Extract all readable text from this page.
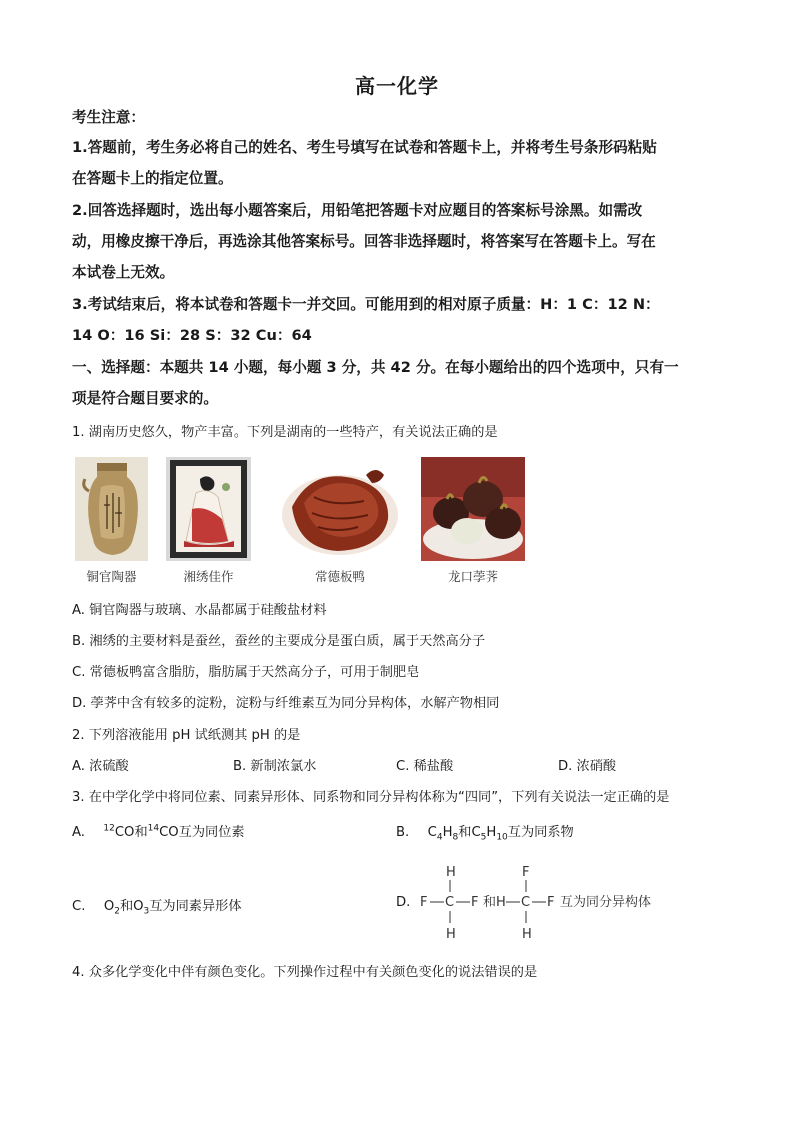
高一化学
考生注意：
1.答题前，考生务必将自己的姓名、考生号填写在试卷和答题卡上，并将考生号条形码粘贴
在答题卡上的指定位置。
2.回答选择题时，选出每小题答案后，用铅笔把答题卡对应题目的答案标号涂黑。如需改
动，用橡皮擦干净后，再选涂其他答案标号。回答非选择题时，将答案写在答题卡上。写在
本试卷上无效。
3.考试结束后，将本试卷和答题卡一并交回。可能用到的相对原子质量：H：1 C：12 N：
14 O：16 Si：28 S：32 Cu：64
一、选择题：本题共 14 小题，每小题 3 分，共 42 分。在每小题给出的四个选项中，只有一
项是符合题目要求的。
1. 湖南历史悠久，物产丰富。下列是湖南的一些特产，有关说法正确的是
铜官陶器	湘绣佳作	常德板鸭	龙口荸荠
A. 铜官陶器与玻璃、水晶都属于硅酸盐材料
B. 湘绣的主要材料是蚕丝，蚕丝的主要成分是蛋白质，属于天然高分子
C. 常德板鸭富含脂肪，脂肪属于天然高分子，可用于制肥皂
D. 荸荠中含有较多的淀粉，淀粉与纤维素互为同分异构体，水解产物相同
2. 下列溶液能用 pH 试纸测其 pH 的是
A. 浓硫酸	B. 新制浓氯水	C. 稀盐酸	D. 浓硝酸
3. 在中学化学中将同位素、同素异形体、同系物和同分异构体称为“四同”，下列有关说法一定正确的是
A. $^{12}$CO和$^{14}$CO互为同位素	B. $C_4H_8$和$C_5H_{10}$互为同系物
C. $O_2$和$O_3$互为同素异形体	D.
H
F C F
H
和
F
H C F
H
互为同分异构体
4. 众多化学变化中伴有颜色变化。下列操作过程中有关颜色变化的说法错误的是
